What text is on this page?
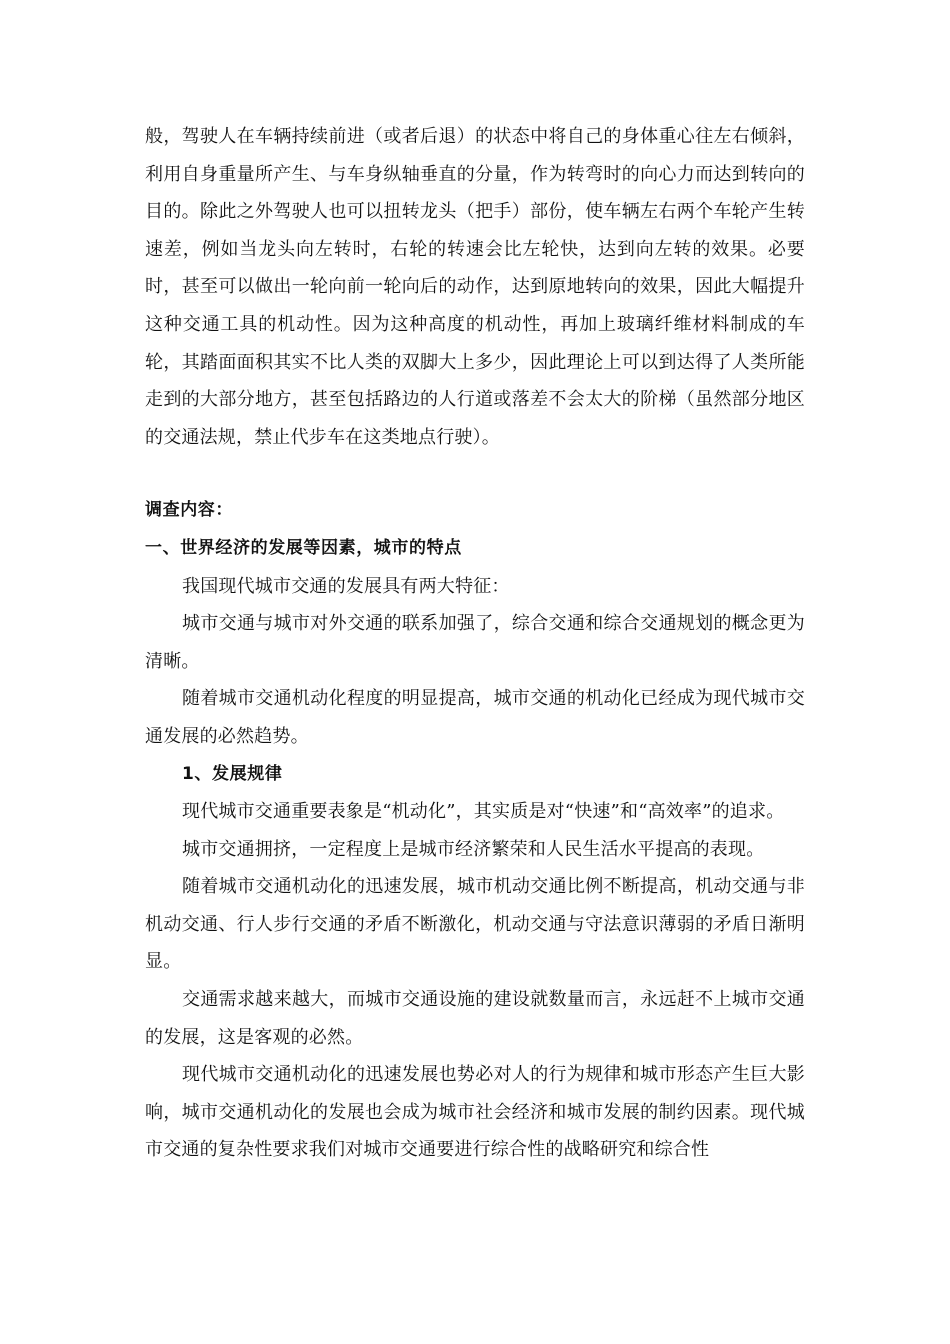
般，驾驶人在车辆持续前进（或者后退）的状态中将自己的身体重心往左右倾斜，利用自身重量所产生、与车身纵轴垂直的分量，作为转弯时的向心力而达到转向的目的。除此之外驾驶人也可以扭转龙头（把手）部份，使车辆左右两个车轮产生转速差，例如当龙头向左转时，右轮的转速会比左轮快，达到向左转的效果。必要时，甚至可以做出一轮向前一轮向后的动作，达到原地转向的效果，因此大幅提升这种交通工具的机动性。因为这种高度的机动性，再加上玻璃纤维材料制成的车轮，其踏面面积其实不比人类的双脚大上多少，因此理论上可以到达得了人类所能走到的大部分地方，甚至包括路边的人行道或落差不会太大的阶梯（虽然部分地区的交通法规，禁止代步车在这类地点行驶）。

调查内容：

一、世界经济的发展等因素，城市的特点

我国现代城市交通的发展具有两大特征：

城市交通与城市对外交通的联系加强了，综合交通和综合交通规划的概念更为清晰。

随着城市交通机动化程度的明显提高，城市交通的机动化已经成为现代城市交通发展的必然趋势。

1、发展规律

现代城市交通重要表象是“机动化”，其实质是对“快速”和“高效率”的追求。

城市交通拥挤，一定程度上是城市经济繁荣和人民生活水平提高的表现。

随着城市交通机动化的迅速发展，城市机动交通比例不断提高，机动交通与非机动交通、行人步行交通的矛盾不断激化，机动交通与守法意识薄弱的矛盾日渐明显。

交通需求越来越大，而城市交通设施的建设就数量而言，永远赶不上城市交通的发展，这是客观的必然。

现代城市交通机动化的迅速发展也势必对人的行为规律和城市形态产生巨大影响，城市交通机动化的发展也会成为城市社会经济和城市发展的制约因素。现代城市交通的复杂性要求我们对城市交通要进行综合性的战略研究和综合性
